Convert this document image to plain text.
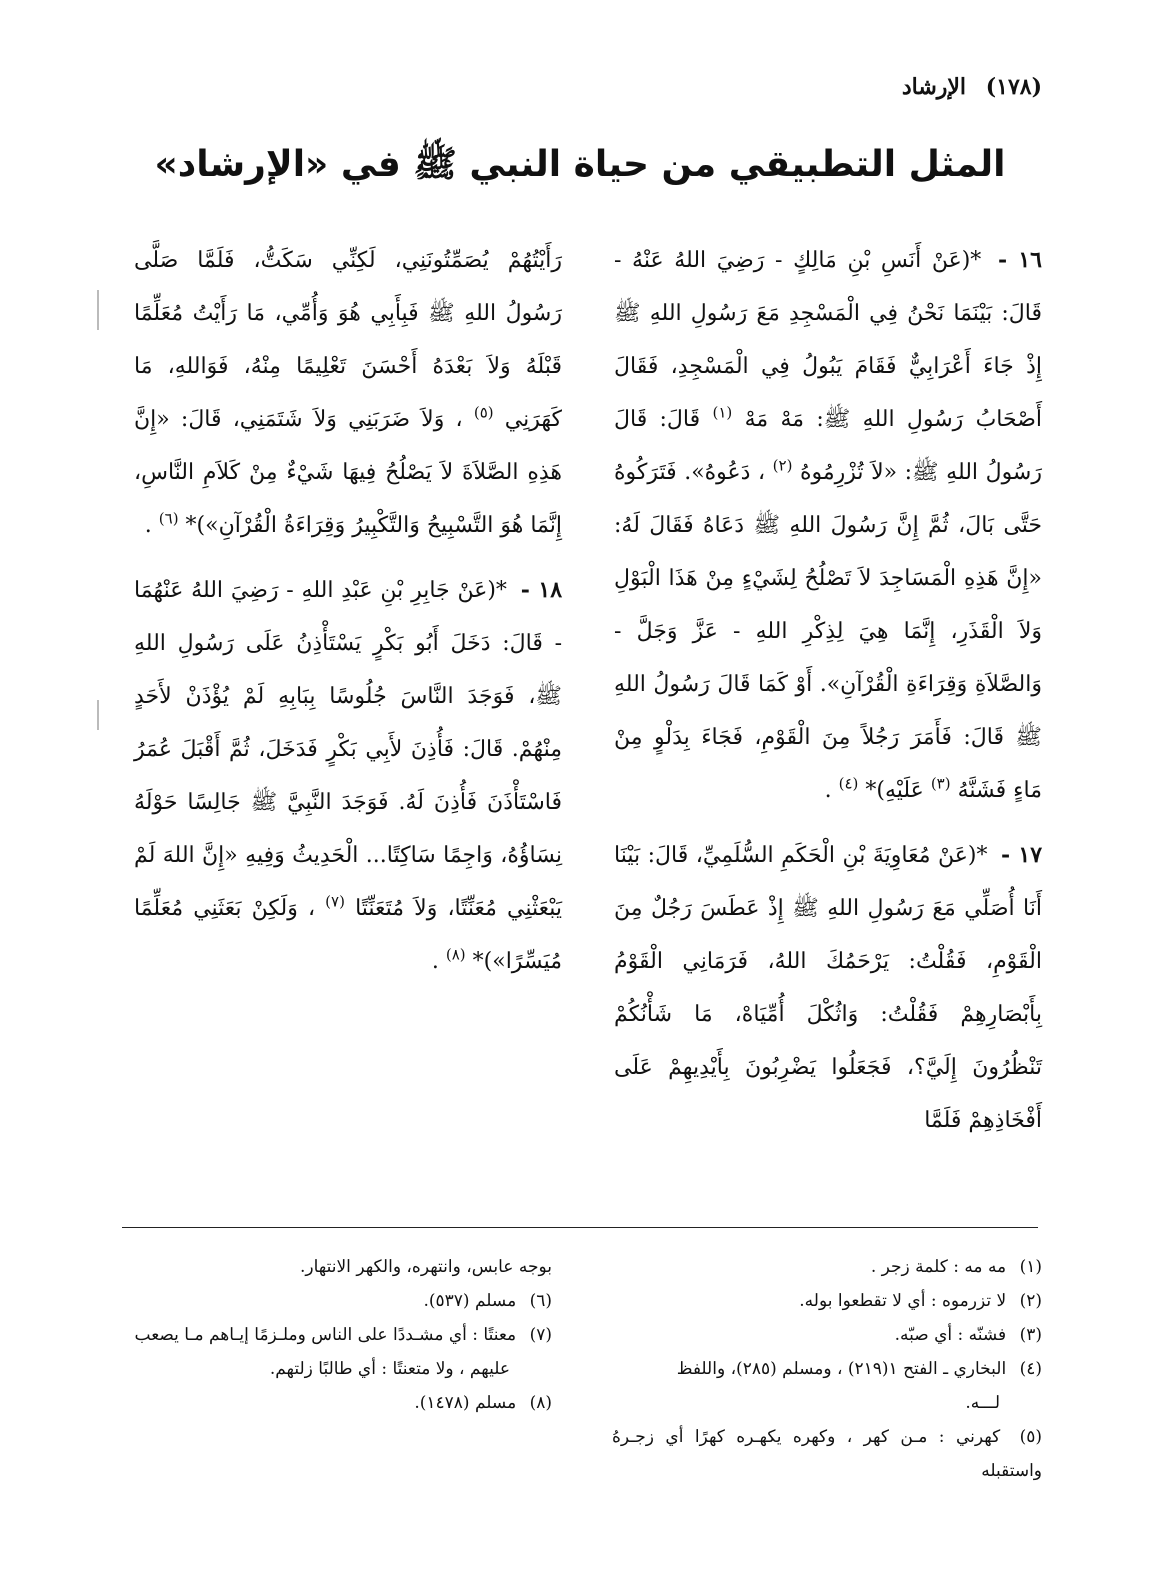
(١٧٨) الإرشاد
المثل التطبيقي من حياة النبي ﷺ في «الإرشاد»

١٦ - *(عَنْ أَنَسِ بْنِ مَالِكٍ - رَضِيَ اللهُ عَنْهُ - قَالَ: بَيْنَمَا نَحْنُ فِي الْمَسْجِدِ مَعَ رَسُولِ اللهِ ﷺ إِذْ جَاءَ أَعْرَابِيٌّ فَقَامَ يَبُولُ فِي الْمَسْجِدِ، فَقَالَ أَصْحَابُ رَسُولِ اللهِ ﷺ: مَهْ مَهْ $^{(١)}$ قَالَ: قَالَ رَسُولُ اللهِ ﷺ: «لاَ تُزْرِمُوهُ $^{(٢)}$ ، دَعُوهُ». فَتَرَكُوهُ حَتَّى بَالَ، ثُمَّ إِنَّ رَسُولَ اللهِ ﷺ دَعَاهُ فَقَالَ لَهُ: «إِنَّ هَذِهِ الْمَسَاجِدَ لاَ تَصْلُحُ لِشَيْءٍ مِنْ هَذَا الْبَوْلِ وَلاَ الْقَذَرِ، إِنَّمَا هِيَ لِذِكْرِ اللهِ - عَزَّ وَجَلَّ - وَالصَّلاَةِ وَقِرَاءَةِ الْقُرْآنِ». أَوْ كَمَا قَالَ رَسُولُ اللهِ ﷺ قَالَ: فَأَمَرَ رَجُلاً مِنَ الْقَوْمِ، فَجَاءَ بِدَلْوٍ مِنْ مَاءٍ فَشَنَّهُ $^{(٣)}$ عَلَيْهِ)* $^{(٤)}$ .

١٧ - *(عَنْ مُعَاوِيَةَ بْنِ الْحَكَمِ السُّلَمِيِّ، قَالَ: بَيْنَا أَنَا أُصَلِّي مَعَ رَسُولِ اللهِ ﷺ إِذْ عَطَسَ رَجُلٌ مِنَ الْقَوْمِ، فَقُلْتُ: يَرْحَمُكَ اللهُ، فَرَمَانِي الْقَوْمُ بِأَبْصَارِهِمْ فَقُلْتُ: وَاثُكْلَ أُمِّيَاهْ، مَا شَأْنُكُمْ تَنْظُرُونَ إِلَيَّ؟، فَجَعَلُوا يَضْرِبُونَ بِأَيْدِيهِمْ عَلَى أَفْخَاذِهِمْ فَلَمَّا

رَأَيْتُهُمْ يُصَمِّتُونَنِي، لَكِنِّي سَكَتُّ، فَلَمَّا صَلَّى رَسُولُ اللهِ ﷺ فَبِأَبِي هُوَ وَأُمِّي، مَا رَأَيْتُ مُعَلِّمًا قَبْلَهُ وَلاَ بَعْدَهُ أَحْسَنَ تَعْلِيمًا مِنْهُ، فَوَاللهِ، مَا كَهَرَنِي $^{(٥)}$ ، وَلاَ ضَرَبَنِي وَلاَ شَتَمَنِي، قَالَ: «إِنَّ هَذِهِ الصَّلاَةَ لاَ يَصْلُحُ فِيهَا شَيْءٌ مِنْ كَلاَمِ النَّاسِ، إِنَّمَا هُوَ التَّسْبِيحُ وَالتَّكْبِيرُ وَقِرَاءَةُ الْقُرْآنِ»)* $^{(٦)}$ .

١٨ - *(عَنْ جَابِرِ بْنِ عَبْدِ اللهِ - رَضِيَ اللهُ عَنْهُمَا - قَالَ: دَخَلَ أَبُو بَكْرٍ يَسْتَأْذِنُ عَلَى رَسُولِ اللهِ ﷺ، فَوَجَدَ النَّاسَ جُلُوسًا بِبَابِهِ لَمْ يُؤْذَنْ لأَحَدٍ مِنْهُمْ. قَالَ: فَأُذِنَ لأَبِي بَكْرٍ فَدَخَلَ، ثُمَّ أَقْبَلَ عُمَرُ فَاسْتَأْذَنَ فَأُذِنَ لَهُ. فَوَجَدَ النَّبِيَّ ﷺ جَالِسًا حَوْلَهُ نِسَاؤُهُ، وَاجِمًا سَاكِتًا... الْحَدِيثُ وَفِيهِ «إِنَّ اللهَ لَمْ يَبْعَثْنِي مُعَنِّتًا، وَلاَ مُتَعَنِّتًا $^{(٧)}$ ، وَلَكِنْ بَعَثَنِي مُعَلِّمًا مُيَسِّرًا»)* $^{(٨)}$ .

(١) مه مه : كلمة زجر .

(٢) لا تزرموه : أي لا تقطعوا بوله.

(٣) فشنّه : أي صبّه.

(٤) البخاري ـ الفتح ١(٢١٩) ، ومسلم (٢٨٥)، واللفظ
لـــه.

(٥) كهرني : مـن كهر ، وكهره يكهـره كهرًا أي زجـرهُ واستقبله

بوجه عابس، وانتهره، والكهر الانتهار.

(٦) مسلم (٥٣٧).

(٧) معنتًا : أي مشـددًا على الناس وملـزمًا إيـاهم مـا يصعب
عليهم ، ولا متعنتًا : أي طالبًا زلتهم.

(٨) مسلم (١٤٧٨).
